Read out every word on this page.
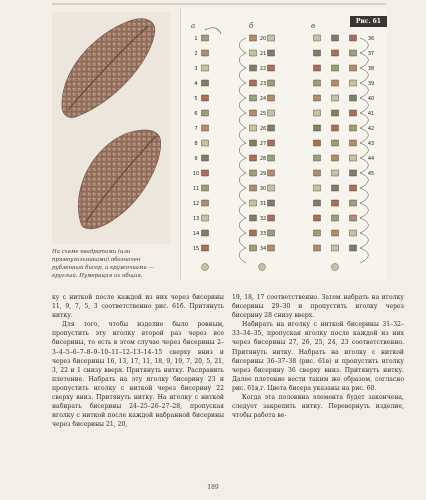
На схеме квадратами (или прямоугольниками) обозначен рубленный бисер, а кружочками — круглый. Нумерация их общая.
Рис. 61
a	б	в
1
2
3
4
5
6
7
8
9
10
11
12
13
14
15
20
21
22
23
24
25
26
27
28
29
30
31
32
33
34
36
37
38
39
40
41
42
43
44
45

ку с ниткой после каждой из них через бисерины 11, 9, 7, 5, 3 соответственно рис. 61б. Притянуть нитку.

Для того, чтобы изделие было ровным, пропустить эту иголку второй раз через все бисерины, то есть в этом случае через бисерины 2–3–4–5–6–7–8–9–10–11–12–13–14–15 сверху вниз и через бисерины 16, 13, 17, 11, 18, 9, 19, 7, 20, 5, 21, 3, 22 и 1 снизу вверх. Притянуть нитку. Расправить плетение. Набрать на эту иголку бисерину 23 и пропустить иголку с ниткой через бисерину 22 сверху вниз. Притянуть нитку. На иголку с ниткой набирать бисерины 24–25–26–27–28, пропуская иголку с ниткой после каждой набранной бисерины через бисерины 21, 20,

19, 18, 17 соответственно. Затем набрать на иголку бисерины 29–30 и пропустить иголку через бисерину 28 снизу вверх.

Набирать на иголку с ниткой бисерины 31–32–33–34–35, пропуская иголку после каждой из них через бисерины 27, 26, 25, 24, 23 соответственно. Притянуть нитку. Набрать на иголку с ниткой бисерины 36–37–38 (рис. 61в) и пропустить иголку через бисерину 36 сверху вниз. Притянуть нитку. Далее плетение вести таким же образом, согласно рис. 61в,г. Цвета бисера указаны на рис. 60.

Когда эта половина элемента будет закончена, следует закрепить нитку. Перевернуть изделие, чтобы работа ве-

189
